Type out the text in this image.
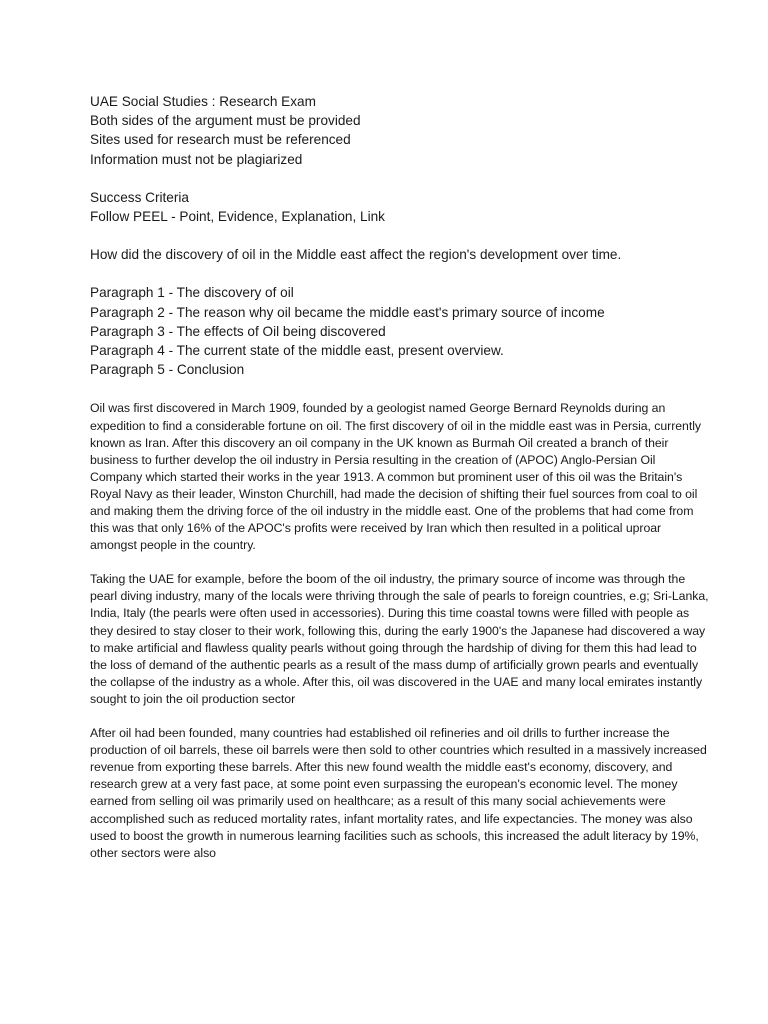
UAE Social Studies : Research Exam

Both sides of the argument must be provided

Sites used for research must be referenced

Information must not be plagiarized

Success Criteria

Follow PEEL - Point, Evidence, Explanation, Link

How did the discovery of oil in the Middle east affect the region's development over time.

Paragraph 1 - The discovery of oil

Paragraph 2 - The reason why oil became the middle east's primary source of income

Paragraph 3 - The effects of Oil being discovered

Paragraph 4 - The current state of the middle east, present overview.

Paragraph 5 - Conclusion

Oil was first discovered in March 1909, founded by a geologist named George Bernard Reynolds during an expedition to find a considerable fortune on oil. The first discovery of oil in the middle east was in Persia, currently known as Iran. After this discovery an oil company in the UK known as Burmah Oil created a branch of their business to further develop the oil industry in Persia resulting in the creation of (APOC) Anglo-Persian Oil Company which started their works in the year 1913. A common but prominent user of this oil was the Britain's Royal Navy as their leader, Winston Churchill, had made the decision of shifting their fuel sources from coal to oil and making them the driving force of the oil industry in the middle east. One of the problems that had come from this was that only 16% of the APOC's profits were received by Iran which then resulted in a political uproar amongst people in the country.

Taking the UAE for example, before the boom of the oil industry, the primary source of income was through the pearl diving industry, many of the locals were thriving through the sale of pearls to foreign countries, e.g; Sri-Lanka, India, Italy (the pearls were often used in accessories). During this time coastal towns were filled with people as they desired to stay closer to their work, following this, during the early 1900's the Japanese had discovered a way to make artificial and flawless quality pearls without going through the hardship of diving for them this had lead to the loss of demand of the authentic pearls as a result of the mass dump of artificially grown pearls and eventually the collapse of the industry as a whole. After this, oil was discovered in the UAE and many local emirates instantly sought to join the oil production sector

After oil had been founded, many countries had established oil refineries and oil drills to further increase the production of oil barrels, these oil barrels were then sold to other countries which resulted in a massively increased revenue from exporting these barrels. After this new found wealth the middle east's economy, discovery, and research grew at a very fast pace, at some point even surpassing the european's economic level. The money earned from selling oil was primarily used on healthcare; as a result of this many social achievements were accomplished such as reduced mortality rates, infant mortality rates, and life expectancies. The money was also used to boost the growth in numerous learning facilities such as schools, this increased the adult literacy by 19%, other sectors were also
